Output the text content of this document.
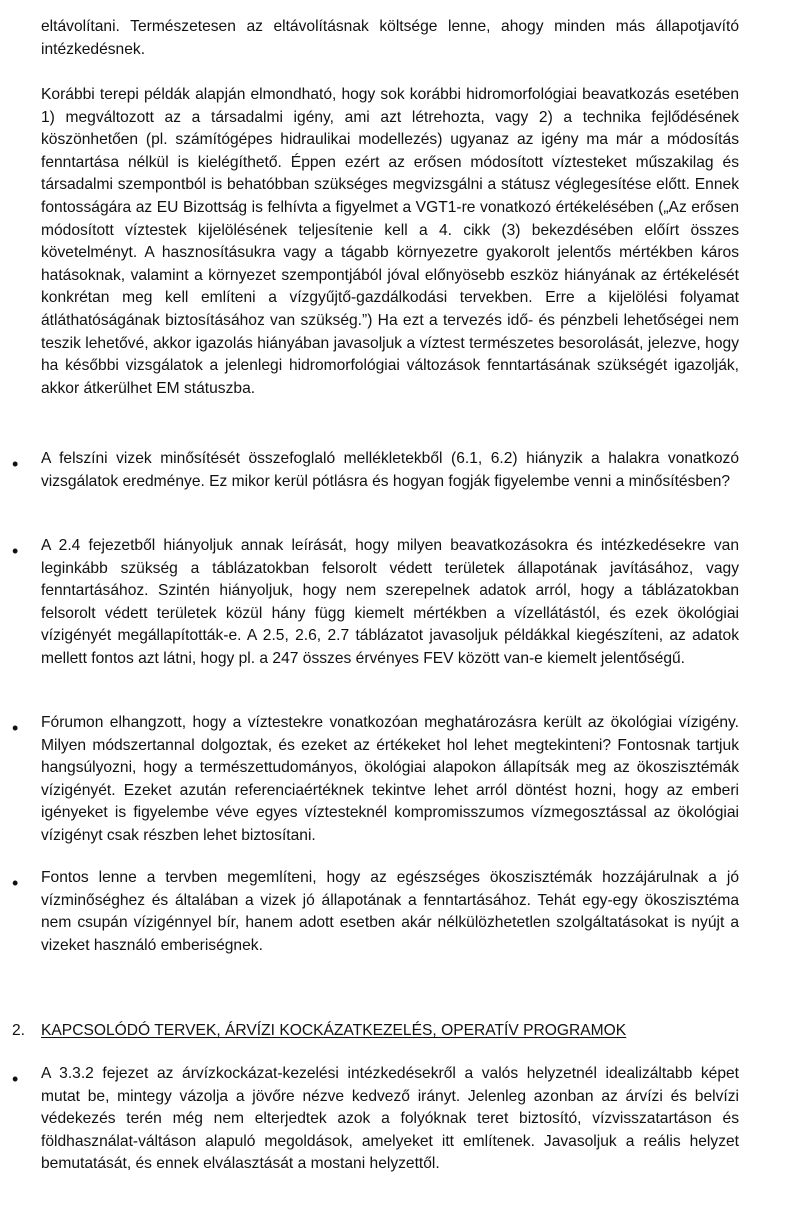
eltávolítani. Természetesen az eltávolításnak költsége lenne, ahogy minden más állapotjavító intézkedésnek.

Korábbi terepi példák alapján elmondható, hogy sok korábbi hidromorfológiai beavatkozás esetében 1) megváltozott az a társadalmi igény, ami azt létrehozta, vagy 2) a technika fejlődésének köszönhetően (pl. számítógépes hidraulikai modellezés) ugyanaz az igény ma már a módosítás fenntartása nélkül is kielégíthető. Éppen ezért az erősen módosított víztesteket műszakilag és társadalmi szempontból is behatóbban szükséges megvizsgálni a státusz véglegesítése előtt. Ennek fontosságára az EU Bizottság is felhívta a figyelmet a VGT1-re vonatkozó értékelésében („Az erősen módosított víztestek kijelölésének teljesítenie kell a 4. cikk (3) bekezdésében előírt összes követelményt. A hasznosításukra vagy a tágabb környezetre gyakorolt jelentős mértékben káros hatásoknak, valamint a környezet szempontjából jóval előnyösebb eszköz hiányának az értékelését konkrétan meg kell említeni a vízgyűjtő-gazdálkodási tervekben. Erre a kijelölési folyamat átláthatóságának biztosításához van szükség.”) Ha ezt a tervezés idő- és pénzbeli lehetőségei nem teszik lehetővé, akkor igazolás hiányában javasoljuk a víztest természetes besorolását, jelezve, hogy ha későbbi vizsgálatok a jelenlegi hidromorfológiai változások fenntartásának szükségét igazolják, akkor átkerülhet EM státuszba.

•	A felszíni vizek minősítését összefoglaló mellékletekből (6.1, 6.2) hiányzik a halakra vonatkozó vizsgálatok eredménye. Ez mikor kerül pótlásra és hogyan fogják figyelembe venni a minősítésben?

•	A 2.4 fejezetből hiányoljuk annak leírását, hogy milyen beavatkozásokra és intézkedésekre van leginkább szükség a táblázatokban felsorolt védett területek állapotának javításához, vagy fenntartásához. Szintén hiányoljuk, hogy nem szerepelnek adatok arról, hogy a táblázatokban felsorolt védett területek közül hány függ kiemelt mértékben a vízellátástól, és ezek ökológiai vízigényét megállapították-e. A 2.5, 2.6, 2.7 táblázatot javasoljuk példákkal kiegészíteni, az adatok mellett fontos azt látni, hogy pl. a 247 összes érvényes FEV között van-e kiemelt jelentőségű.

•	Fórumon elhangzott, hogy a víztestekre vonatkozóan meghatározásra került az ökológiai vízigény. Milyen módszertannal dolgoztak, és ezeket az értékeket hol lehet megtekinteni? Fontosnak tartjuk hangsúlyozni, hogy a természettudományos, ökológiai alapokon állapítsák meg az ökoszisztémák vízigényét. Ezeket azután referenciaértéknek tekintve lehet arról döntést hozni, hogy az emberi igényeket is figyelembe véve egyes víztesteknél kompromisszumos vízmegosztással az ökológiai vízigényt csak részben lehet biztosítani.

•	Fontos lenne a tervben megemlíteni, hogy az egészséges ökoszisztémák hozzájárulnak a jó vízminőséghez és általában a vizek jó állapotának a fenntartásához. Tehát egy-egy ökoszisztéma nem csupán vízigénnyel bír, hanem adott esetben akár nélkülözhetetlen szolgáltatásokat is nyújt a vizeket használó emberiségnek.

2. KAPCSOLÓDÓ TERVEK, ÁRVÍZI KOCKÁZATKEZELÉS, OPERATÍV PROGRAMOK
•	A 3.3.2 fejezet az árvízkockázat-kezelési intézkedésekről a valós helyzetnél idealizáltabb képet mutat be, mintegy vázolja a jövőre nézve kedvező irányt. Jelenleg azonban az árvízi és belvízi védekezés terén még nem elterjedtek azok a folyóknak teret biztosító, vízvisszatartáson és földhasználat-váltáson alapuló megoldások, amelyeket itt említenek. Javasoljuk a reális helyzet bemutatását, és ennek elválasztását a mostani helyzettől.
